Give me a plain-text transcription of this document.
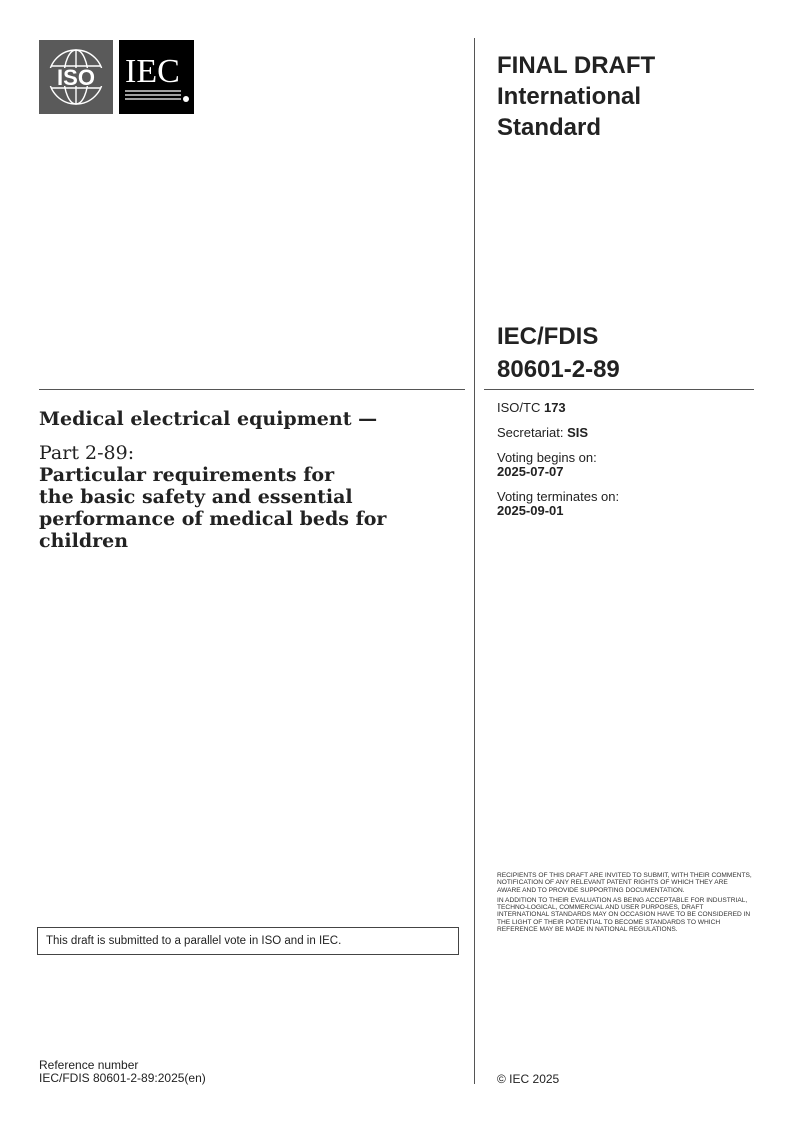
ISO IEC	FINAL DRAFT
International
Standard
IEC/FDIS
80601-2-89
Medical electrical equipment —
Part 2-89:
Particular requirements for
the basic safety and essential
performance of medical beds for
children
ISO/TC 173
Secretariat: SIS
Voting begins on:
2025-07-07
Voting terminates on:
2025-09-01

RECIPIENTS OF THIS DRAFT ARE INVITED TO SUBMIT, WITH THEIR COMMENTS, NOTIFICATION OF ANY RELEVANT PATENT RIGHTS OF WHICH THEY ARE AWARE AND TO PROVIDE SUPPORTING DOCUMENTATION.

IN ADDITION TO THEIR EVALUATION AS BEING ACCEPTABLE FOR INDUSTRIAL, TECHNO-LOGICAL, COMMERCIAL AND USER PURPOSES, DRAFT INTERNATIONAL STANDARDS MAY ON OCCASION HAVE TO BE CONSIDERED IN THE LIGHT OF THEIR POTENTIAL TO BECOME STANDARDS TO WHICH REFERENCE MAY BE MADE IN NATIONAL REGULATIONS.

This draft is submitted to a parallel vote in ISO and in IEC.
Reference number
IEC/FDIS 80601-2-89:2025(en)	© IEC 2025
